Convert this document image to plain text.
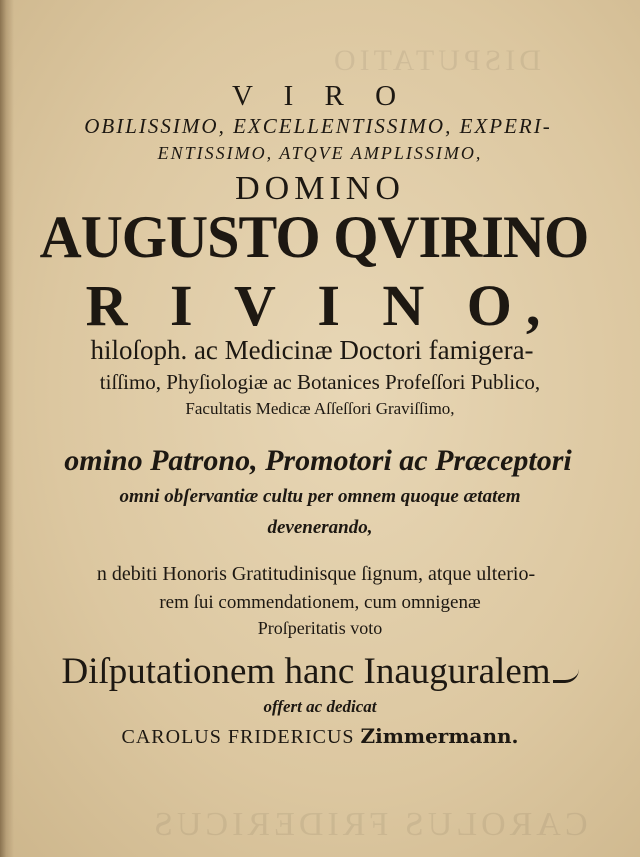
DISPUTATIO
CAROLUS FRIDERICUS
V I R O
OBILISSIMO, EXCELLENTISSIMO, EXPERI-
ENTISSIMO, ATQVE AMPLISSIMO,
DOMINO
AUGUSTO QVIRINO
R I V I N O,
hiloſoph. ac Medicinæ Doctori famigera-
tiſſimo, Phyſiologiæ ac Botanices Profeſſori Publico,
Facultatis Medicæ Aſſeſſori Graviſſimo,
omino Patrono, Promotori ac Præceptori
omni obſervantiæ cultu per omnem quoque ætatem
devenerando,
n debiti Honoris Gratitudinisque ſignum, atque ulterio-
rem ſui commendationem, cum omnigenæ
Proſperitatis voto
Diſputationem hanc Inauguralem
offert ac dedicat
CAROLUS FRIDERICUS Zimmermann.
